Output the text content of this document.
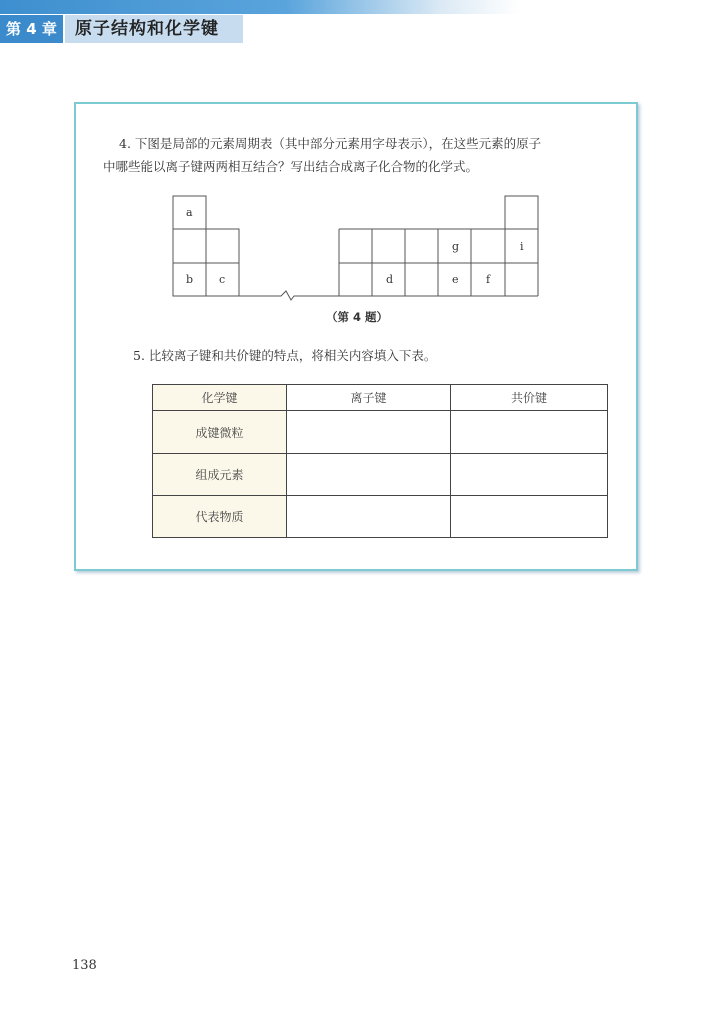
第 4 章	原子结构和化学键
4. 下图是局部的元素周期表（其中部分元素用字母表示），在这些元素的原子
中哪些能以离子键两两相互结合？写出结合成离子化合物的化学式。
a
b c	d	e f
g	i
（第 4 题）
5. 比较离子键和共价键的特点，将相关内容填入下表。
化学键	离子键	共价键
成键微粒		
组成元素		
代表物质		
138
